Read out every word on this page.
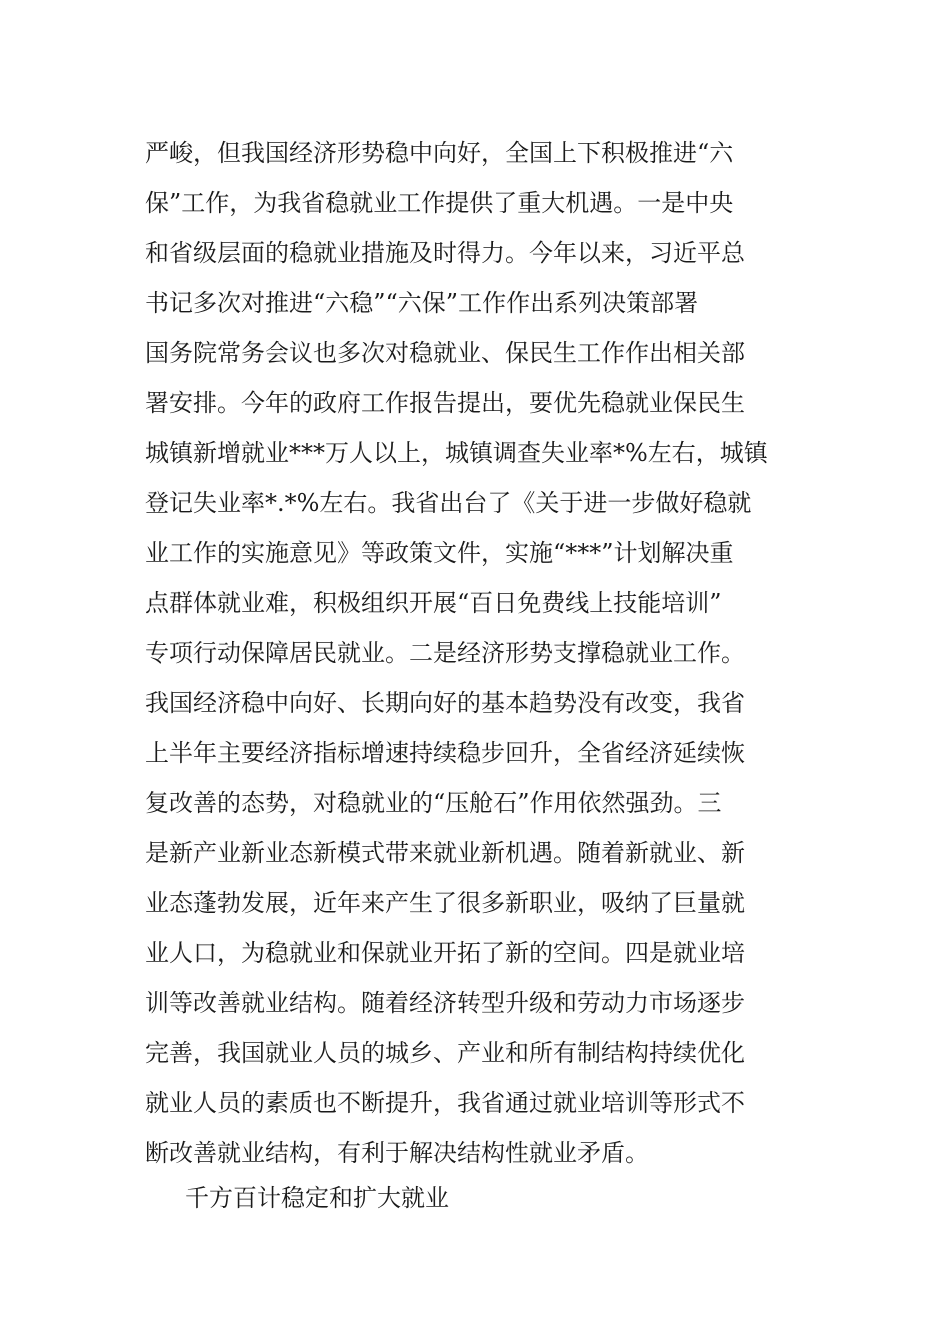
严峻，但我国经济形势稳中向好，全国上下积极推进“六
保”工作，为我省稳就业工作提供了重大机遇。一是中央
和省级层面的稳就业措施及时得力。今年以来，习近平总
书记多次对推进“六稳”“六保”工作作出系列决策部署
国务院常务会议也多次对稳就业、保民生工作作出相关部
署安排。今年的政府工作报告提出，要优先稳就业保民生
城镇新增就业***万人以上，城镇调查失业率*%左右，城镇
登记失业率*.*%左右。我省出台了《关于进一步做好稳就
业工作的实施意见》等政策文件，实施“***”计划解决重
点群体就业难，积极组织开展“百日免费线上技能培训”
专项行动保障居民就业。二是经济形势支撑稳就业工作。
我国经济稳中向好、长期向好的基本趋势没有改变，我省
上半年主要经济指标增速持续稳步回升，全省经济延续恢
复改善的态势，对稳就业的“压舱石”作用依然强劲。三
是新产业新业态新模式带来就业新机遇。随着新就业、新
业态蓬勃发展，近年来产生了很多新职业，吸纳了巨量就
业人口，为稳就业和保就业开拓了新的空间。四是就业培
训等改善就业结构。随着经济转型升级和劳动力市场逐步
完善，我国就业人员的城乡、产业和所有制结构持续优化
就业人员的素质也不断提升，我省通过就业培训等形式不
断改善就业结构，有利于解决结构性就业矛盾。
千方百计稳定和扩大就业
